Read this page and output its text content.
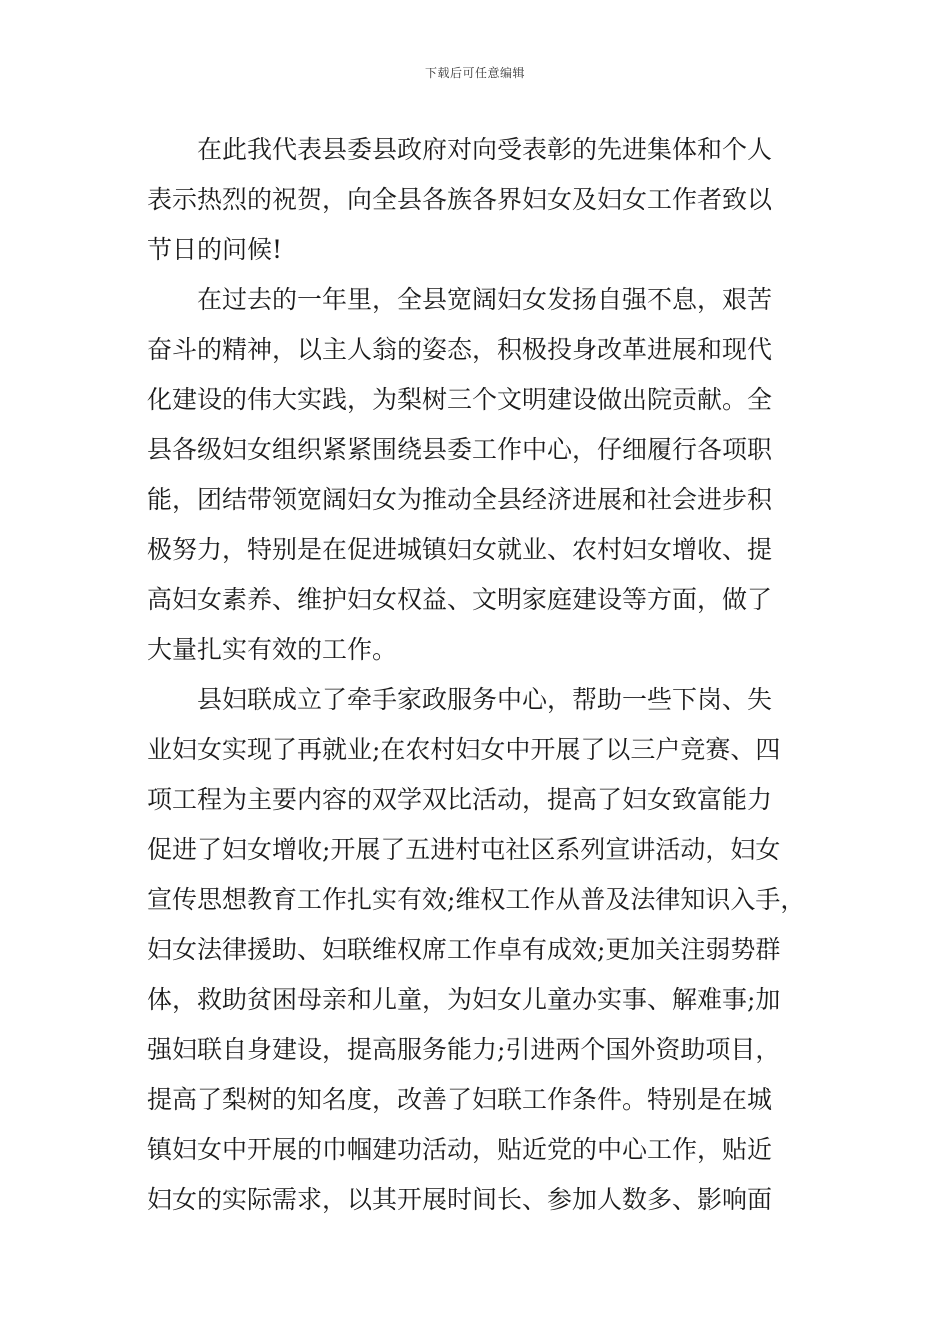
下载后可任意编辑

在此我代表县委县政府对向受表彰的先进集体和个人
表示热烈的祝贺，向全县各族各界妇女及妇女工作者致以
节日的问候!

在过去的一年里，全县宽阔妇女发扬自强不息，艰苦
奋斗的精神，以主人翁的姿态，积极投身改革进展和现代
化建设的伟大实践，为梨树三个文明建设做出院贡献。全
县各级妇女组织紧紧围绕县委工作中心，仔细履行各项职
能，团结带领宽阔妇女为推动全县经济进展和社会进步积
极努力，特别是在促进城镇妇女就业、农村妇女增收、提
高妇女素养、维护妇女权益、文明家庭建设等方面，做了
大量扎实有效的工作。

县妇联成立了牵手家政服务中心，帮助一些下岗、失
业妇女实现了再就业;在农村妇女中开展了以三户竞赛、四
项工程为主要内容的双学双比活动，提高了妇女致富能力
促进了妇女增收;开展了五进村屯社区系列宣讲活动，妇女
宣传思想教育工作扎实有效;维权工作从普及法律知识入手，
妇女法律援助、妇联维权席工作卓有成效;更加关注弱势群
体，救助贫困母亲和儿童，为妇女儿童办实事、解难事;加
强妇联自身建设，提高服务能力;引进两个国外资助项目，
提高了梨树的知名度，改善了妇联工作条件。特别是在城
镇妇女中开展的巾帼建功活动，贴近党的中心工作，贴近
妇女的实际需求，以其开展时间长、参加人数多、影响面
